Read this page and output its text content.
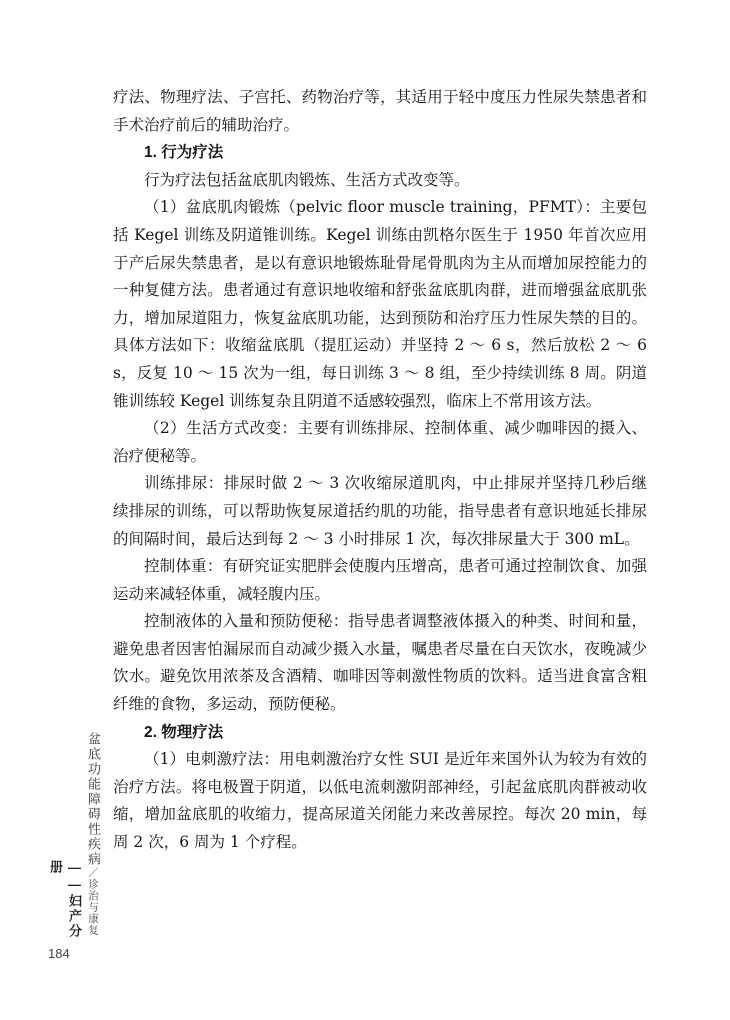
疗法、物理疗法、子宫托、药物治疗等，其适用于轻中度压力性尿失禁患者和手术治疗前后的辅助治疗。

1. 行为疗法

行为疗法包括盆底肌肉锻炼、生活方式改变等。

（1）盆底肌肉锻炼（pelvic floor muscle training，PFMT）：主要包括 Kegel 训练及阴道锥训练。Kegel 训练由凯格尔医生于 1950 年首次应用于产后尿失禁患者，是以有意识地锻炼耻骨尾骨肌肉为主从而增加尿控能力的一种复健方法。患者通过有意识地收缩和舒张盆底肌肉群，进而增强盆底肌张力，增加尿道阻力，恢复盆底肌功能，达到预防和治疗压力性尿失禁的目的。具体方法如下：收缩盆底肌（提肛运动）并坚持 2 ～ 6 s，然后放松 2 ～ 6 s，反复 10 ～ 15 次为一组，每日训练 3 ～ 8 组，至少持续训练 8 周。阴道锥训练较 Kegel 训练复杂且阴道不适感较强烈，临床上不常用该方法。

（2）生活方式改变：主要有训练排尿、控制体重、减少咖啡因的摄入、治疗便秘等。

训练排尿：排尿时做 2 ～ 3 次收缩尿道肌肉，中止排尿并坚持几秒后继续排尿的训练，可以帮助恢复尿道括约肌的功能，指导患者有意识地延长排尿的间隔时间，最后达到每 2 ～ 3 小时排尿 1 次，每次排尿量大于 300 mL。

控制体重：有研究证实肥胖会使腹内压增高，患者可通过控制饮食、加强运动来减轻体重，减轻腹内压。

控制液体的入量和预防便秘：指导患者调整液体摄入的种类、时间和量，避免患者因害怕漏尿而自动减少摄入水量，嘱患者尽量在白天饮水，夜晚减少饮水。避免饮用浓茶及含酒精、咖啡因等刺激性物质的饮料。适当进食富含粗纤维的食物，多运动，预防便秘。

2. 物理疗法

（1）电刺激疗法：用电刺激治疗女性 SUI 是近年来国外认为较为有效的治疗方法。将电极置于阴道，以低电流刺激阴部神经，引起盆底肌肉群被动收缩，增加盆底肌的收缩力，提高尿道关闭能力来改善尿控。每次 20 min，每周 2 次，6 周为 1 个疗程。

盆底功能障碍性疾病／诊治与康复
——妇产分册
184
